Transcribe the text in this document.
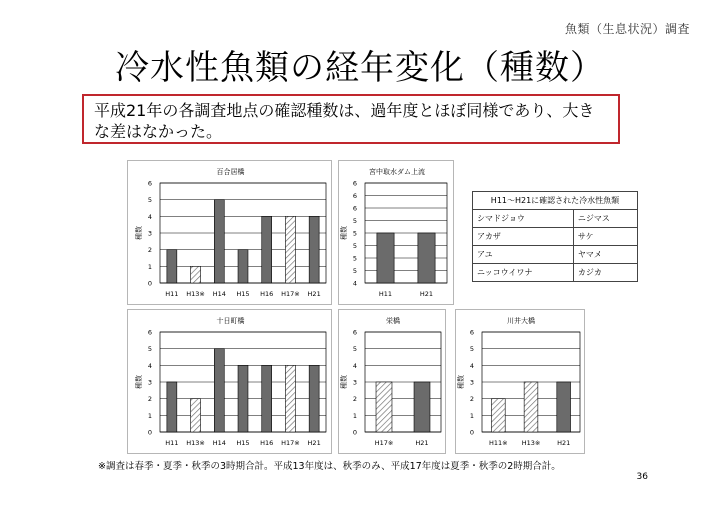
魚類（生息状況）調査
冷水性魚類の経年変化（種数）
平成21年の各調査地点の確認種数は、過年度とほぼ同様であり、大きな差はなかった。
百合居橋
0
1
2
3
4
5
6
種数
H11 H13※ H14 H15 H16 H17※ H21
宮中取水ダム上流
4
5
5
5
5
5
6
6
6
種数
H11	H21
H11～H21に確認された冷水性魚類	
シマドジョウ	ニジマス
アカザ	サケ
アユ	ヤマメ
ニッコウイワナ	カジカ
十日町橋
0
1
2
3
4
5
6
種数
H11 H13※ H14 H15 H16 H17※ H21
栄橋
0
1
2
3
4
5
6
種数
H17※	H21
川井大橋
0
1
2
3
4
5
6
種数
H11※ H13※	H21
※調査は春季・夏季・秋季の3時期合計。平成13年度は、秋季のみ、平成17年度は夏季・秋季の2時期合計。
36
